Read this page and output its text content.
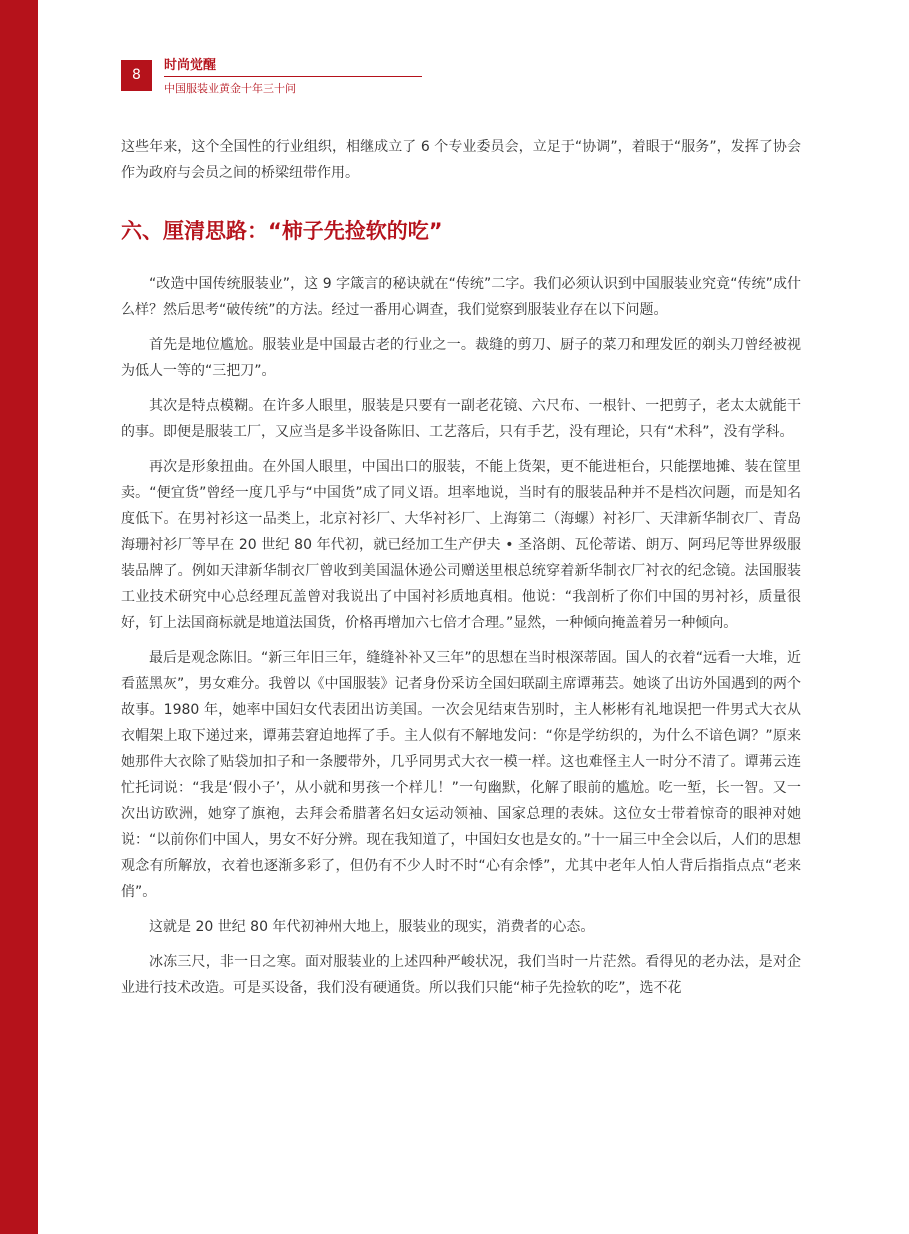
8
时尚觉醒
中国服装业黄金十年三十问

这些年来，这个全国性的行业组织，相继成立了 6 个专业委员会，立足于“协调”，着眼于“服务”，发挥了协会作为政府与会员之间的桥梁纽带作用。

六、厘清思路：“柿子先捡软的吃”

“改造中国传统服装业”，这 9 字箴言的秘诀就在“传统”二字。我们必须认识到中国服装业究竟“传统”成什么样？然后思考“破传统”的方法。经过一番用心调查，我们觉察到服装业存在以下问题。

首先是地位尴尬。服装业是中国最古老的行业之一。裁缝的剪刀、厨子的菜刀和理发匠的剃头刀曾经被视为低人一等的“三把刀”。

其次是特点模糊。在许多人眼里，服装是只要有一副老花镜、六尺布、一根针、一把剪子，老太太就能干的事。即便是服装工厂，又应当是多半设备陈旧、工艺落后，只有手艺，没有理论，只有“术科”，没有学科。

再次是形象扭曲。在外国人眼里，中国出口的服装，不能上货架，更不能进柜台，只能摆地摊、装在筐里卖。“便宜货”曾经一度几乎与“中国货”成了同义语。坦率地说，当时有的服装品种并不是档次问题，而是知名度低下。在男衬衫这一品类上，北京衬衫厂、大华衬衫厂、上海第二（海螺）衬衫厂、天津新华制衣厂、青岛海珊衬衫厂等早在 20 世纪 80 年代初，就已经加工生产伊夫 • 圣洛朗、瓦伦蒂诺、朗万、阿玛尼等世界级服装品牌了。例如天津新华制衣厂曾收到美国温休逊公司赠送里根总统穿着新华制衣厂衬衣的纪念镜。法国服装工业技术研究中心总经理瓦盖曾对我说出了中国衬衫质地真相。他说：“我剖析了你们中国的男衬衫，质量很好，钉上法国商标就是地道法国货，价格再增加六七倍才合理。”显然，一种倾向掩盖着另一种倾向。

最后是观念陈旧。“新三年旧三年，缝缝补补又三年”的思想在当时根深蒂固。国人的衣着“远看一大堆，近看蓝黑灰”，男女难分。我曾以《中国服装》记者身份采访全国妇联副主席谭茀芸。她谈了出访外国遇到的两个故事。1980 年，她率中国妇女代表团出访美国。一次会见结束告别时，主人彬彬有礼地误把一件男式大衣从衣帽架上取下递过来，谭茀芸窘迫地挥了手。主人似有不解地发问：“你是学纺织的，为什么不谙色调？”原来她那件大衣除了贴袋加扣子和一条腰带外，几乎同男式大衣一模一样。这也难怪主人一时分不清了。谭茀云连忙托词说：“我是‘假小子’，从小就和男孩一个样儿！”一句幽默，化解了眼前的尴尬。吃一堑，长一智。又一次出访欧洲，她穿了旗袍，去拜会希腊著名妇女运动领袖、国家总理的表妹。这位女士带着惊奇的眼神对她说：“以前你们中国人，男女不好分辨。现在我知道了，中国妇女也是女的。”十一届三中全会以后，人们的思想观念有所解放，衣着也逐渐多彩了，但仍有不少人时不时“心有余悸”，尤其中老年人怕人背后指指点点“老来俏”。

这就是 20 世纪 80 年代初神州大地上，服装业的现实，消费者的心态。

冰冻三尺，非一日之寒。面对服装业的上述四种严峻状况，我们当时一片茫然。看得见的老办法，是对企业进行技术改造。可是买设备，我们没有硬通货。所以我们只能“柿子先捡软的吃”，选不花
